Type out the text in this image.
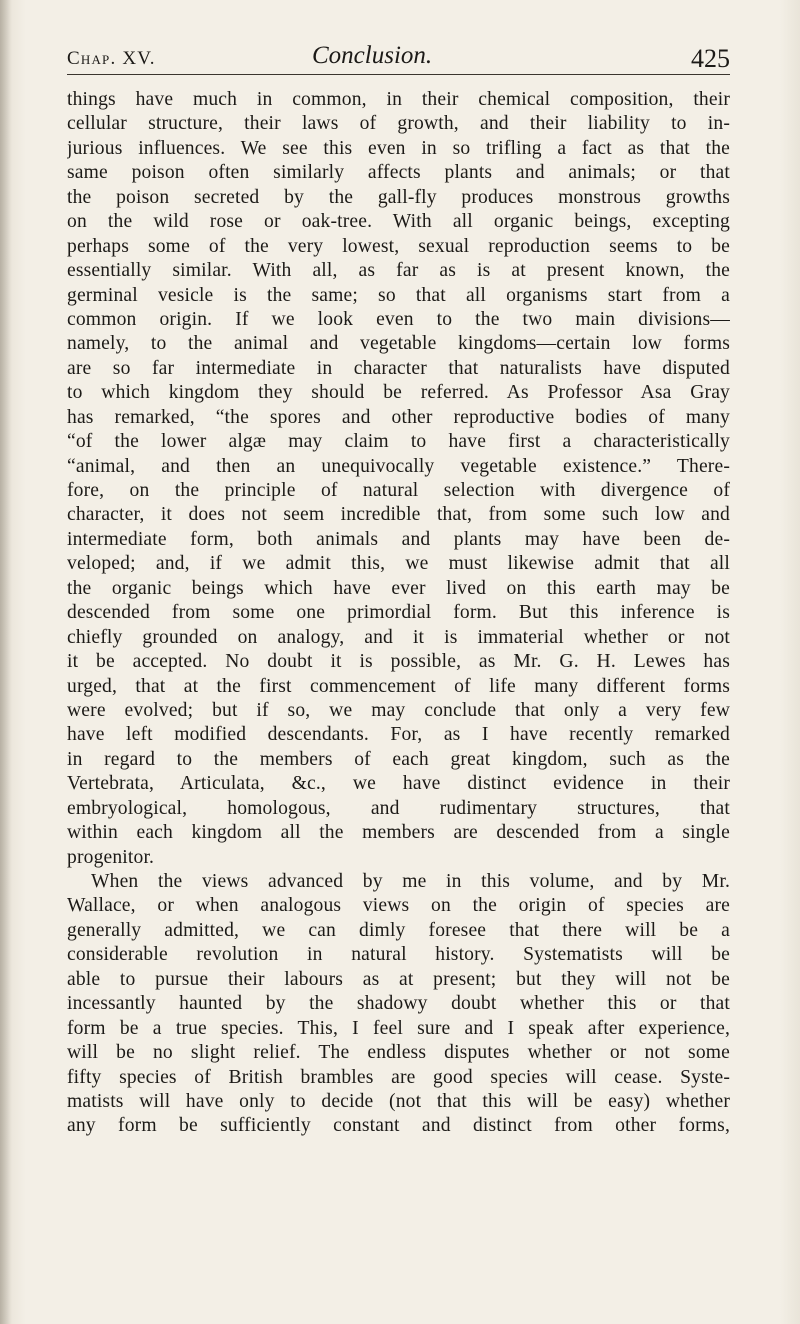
Chap. XV.	Conclusion.	425
things have much in common, in their chemical composition, their
cellular structure, their laws of growth, and their liability to in-
jurious influences. We see this even in so trifling a fact as that the
same poison often similarly affects plants and animals; or that
the poison secreted by the gall-fly produces monstrous growths
on the wild rose or oak-tree. With all organic beings, excepting
perhaps some of the very lowest, sexual reproduction seems to be
essentially similar. With all, as far as is at present known, the
germinal vesicle is the same; so that all organisms start from a
common origin. If we look even to the two main divisions—
namely, to the animal and vegetable kingdoms—certain low forms
are so far intermediate in character that naturalists have disputed
to which kingdom they should be referred. As Professor Asa Gray
has remarked, “the spores and other reproductive bodies of many
“of the lower algæ may claim to have first a characteristically
“animal, and then an unequivocally vegetable existence.” There-
fore, on the principle of natural selection with divergence of
character, it does not seem incredible that, from some such low and
intermediate form, both animals and plants may have been de-
veloped; and, if we admit this, we must likewise admit that all
the organic beings which have ever lived on this earth may be
descended from some one primordial form. But this inference is
chiefly grounded on analogy, and it is immaterial whether or not
it be accepted. No doubt it is possible, as Mr. G. H. Lewes has
urged, that at the first commencement of life many different forms
were evolved; but if so, we may conclude that only a very few
have left modified descendants. For, as I have recently remarked
in regard to the members of each great kingdom, such as the
Vertebrata, Articulata, &c., we have distinct evidence in their
embryological, homologous, and rudimentary structures, that
within each kingdom all the members are descended from a single
progenitor.
When the views advanced by me in this volume, and by Mr.
Wallace, or when analogous views on the origin of species are
generally admitted, we can dimly foresee that there will be a
considerable revolution in natural history. Systematists will be
able to pursue their labours as at present; but they will not be
incessantly haunted by the shadowy doubt whether this or that
form be a true species. This, I feel sure and I speak after experience,
will be no slight relief. The endless disputes whether or not some
fifty species of British brambles are good species will cease. Syste-
matists will have only to decide (not that this will be easy) whether
any form be sufficiently constant and distinct from other forms,
